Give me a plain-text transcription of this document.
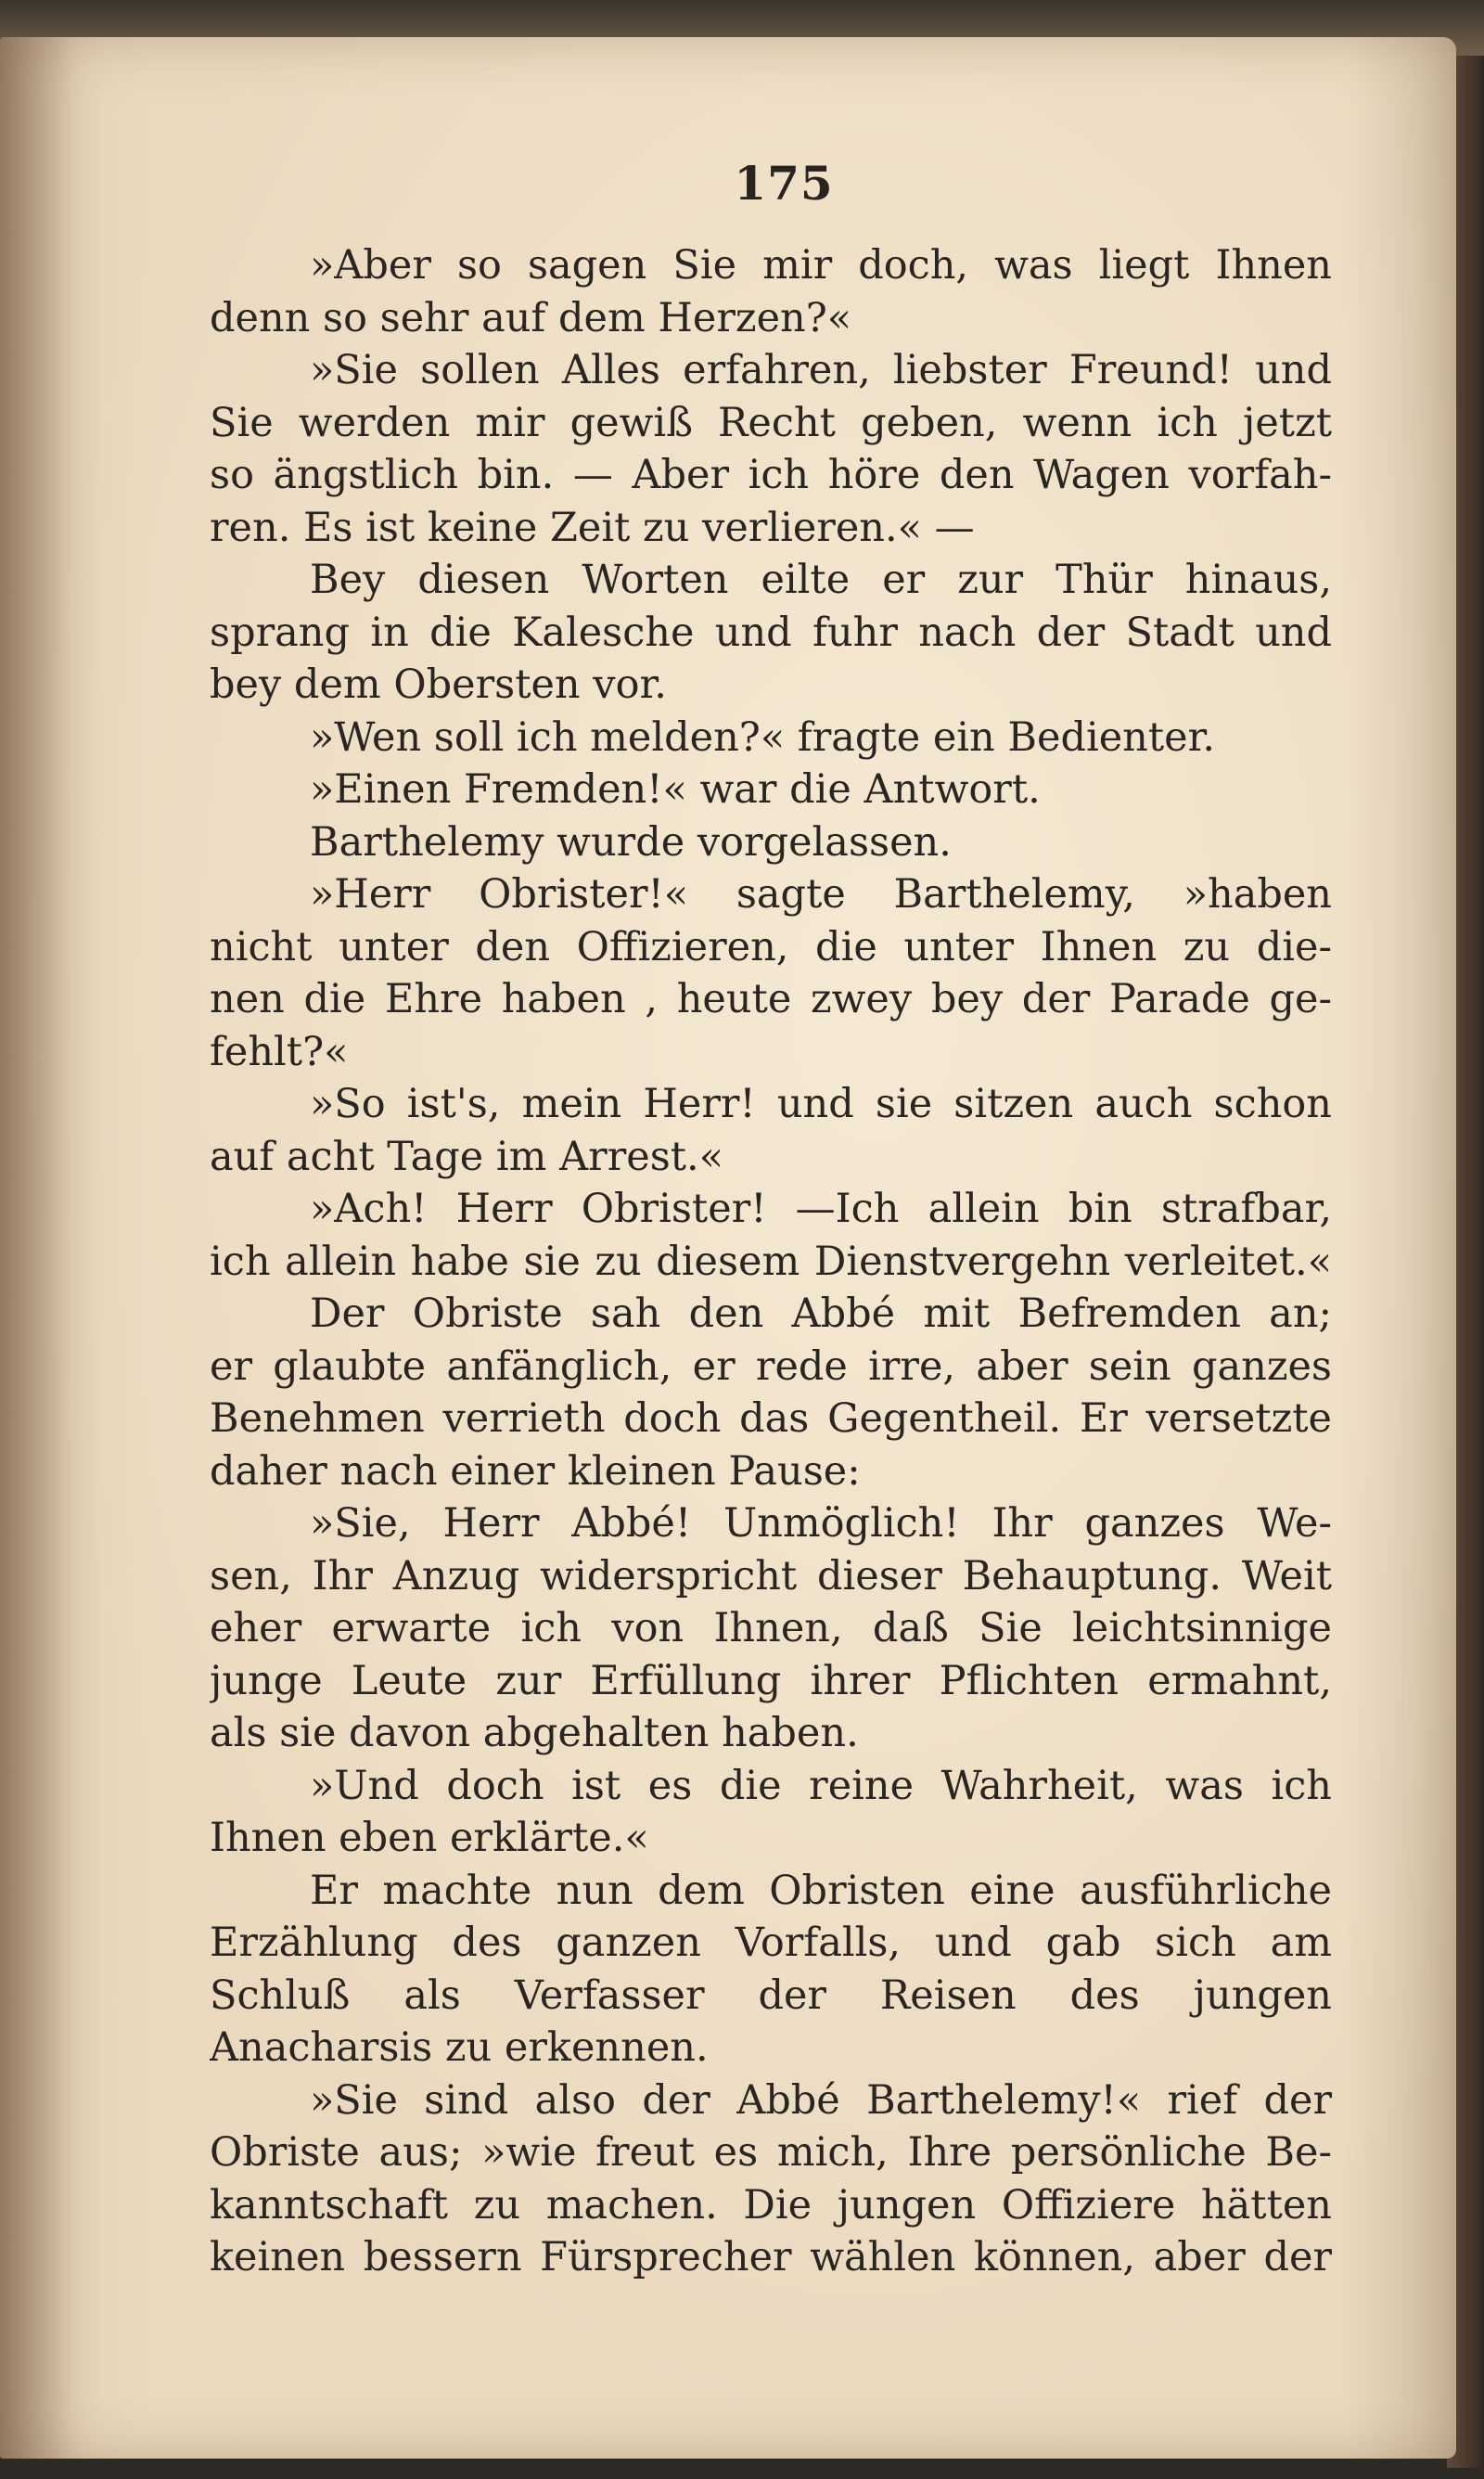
175
»Aber so sagen Sie mir doch, was liegt Ihnen
denn so sehr auf dem Herzen?«
»Sie sollen Alles erfahren, liebster Freund! und
Sie werden mir gewiß Recht geben, wenn ich jetzt
so ängstlich bin. — Aber ich höre den Wagen vorfah-
ren. Es ist keine Zeit zu verlieren.« —
Bey diesen Worten eilte er zur Thür hinaus,
sprang in die Kalesche und fuhr nach der Stadt und
bey dem Obersten vor.
»Wen soll ich melden?« fragte ein Bedienter.
»Einen Fremden!« war die Antwort.
Barthelemy wurde vorgelassen.
»Herr Obrister!« sagte Barthelemy, »haben
nicht unter den Offizieren, die unter Ihnen zu die-
nen die Ehre haben , heute zwey bey der Parade ge-
fehlt?«
»So ist's, mein Herr! und sie sitzen auch schon
auf acht Tage im Arrest.«
»Ach! Herr Obrister! —Ich allein bin strafbar,
ich allein habe sie zu diesem Dienstvergehn verleitet.«
Der Obriste sah den Abbé mit Befremden an;
er glaubte anfänglich, er rede irre, aber sein ganzes
Benehmen verrieth doch das Gegentheil. Er versetzte
daher nach einer kleinen Pause:
»Sie, Herr Abbé! Unmöglich! Ihr ganzes We-
sen, Ihr Anzug widerspricht dieser Behauptung. Weit
eher erwarte ich von Ihnen, daß Sie leichtsinnige
junge Leute zur Erfüllung ihrer Pflichten ermahnt,
als sie davon abgehalten haben.
»Und doch ist es die reine Wahrheit, was ich
Ihnen eben erklärte.«
Er machte nun dem Obristen eine ausführliche
Erzählung des ganzen Vorfalls, und gab sich am
Schluß als Verfasser der Reisen des jungen
Anacharsis zu erkennen.
»Sie sind also der Abbé Barthelemy!« rief der
Obriste aus; »wie freut es mich, Ihre persönliche Be-
kanntschaft zu machen. Die jungen Offiziere hätten
keinen bessern Fürsprecher wählen können, aber der
